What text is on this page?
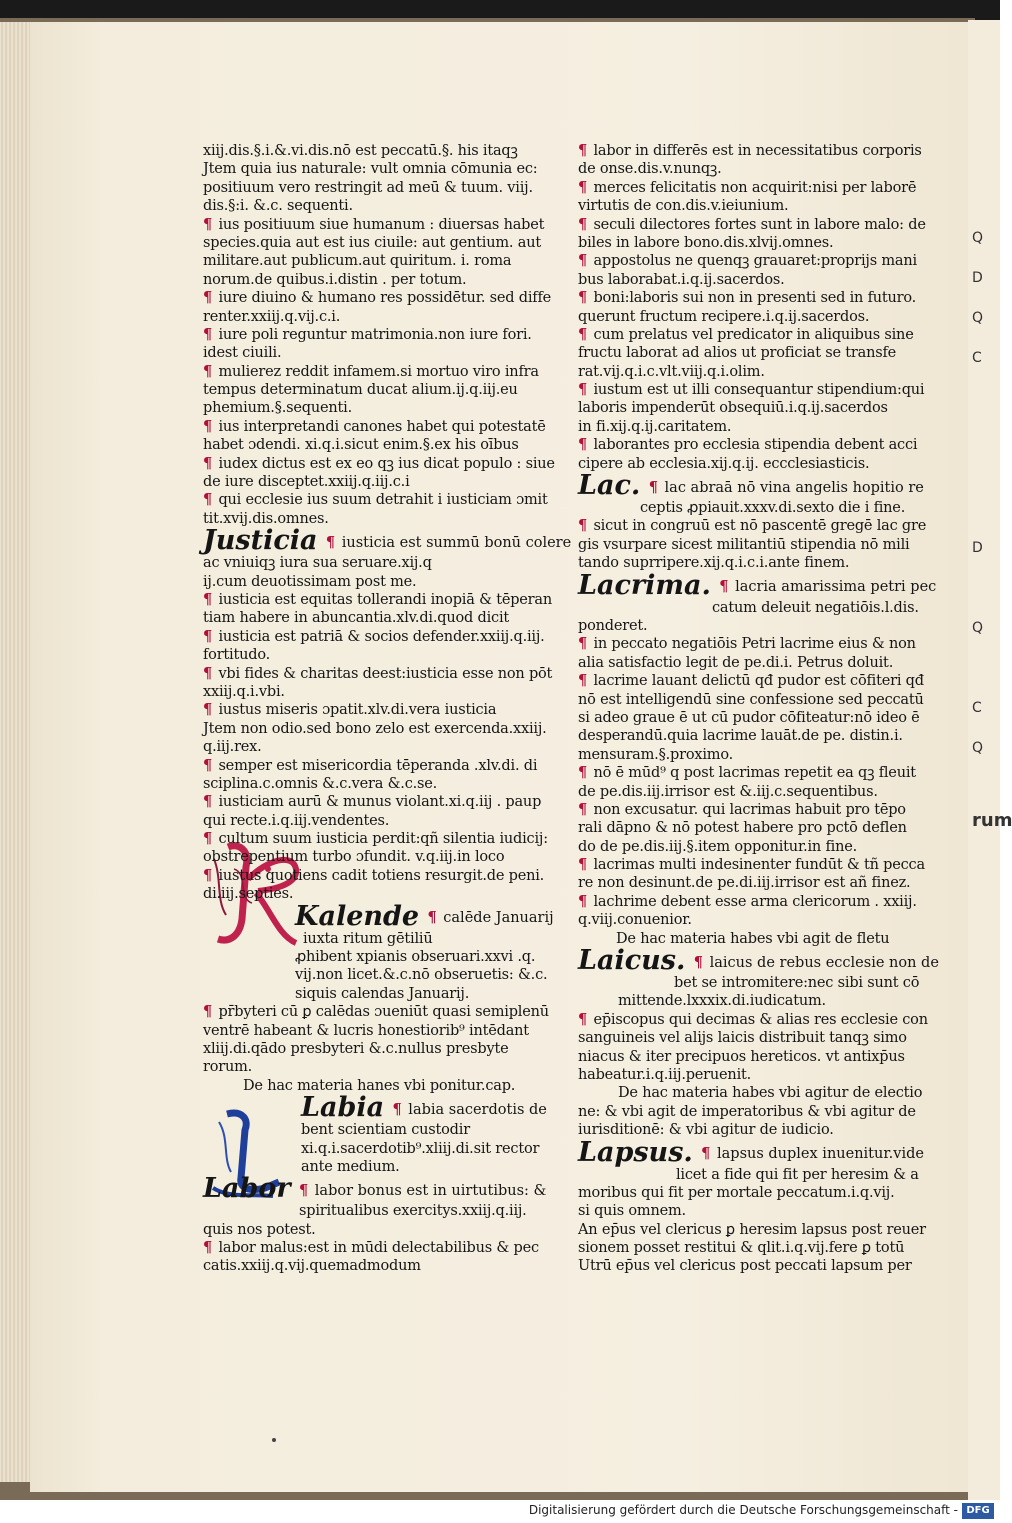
Q
D
Q
C
D
Q
C
Q
rum
xiij.dis.§.i.&.vi.dis.nō est peccatū.§. his itaqꝫ
Jtem quia ius naturale: vult omnia cōmunia ec:
positiuum vero restringit ad meū & tuum. viij.
dis.§:i. &.c. sequenti.
¶ ius positiuum siue humanum : diuersas habet
species.quia aut est ius ciuile: aut gentium. aut
militare.aut publicum.aut quiritum. i. roma
norum.de quibus.i.distin . per totum.
¶ iure diuino & humano res possidētur. sed diffe
renter.xxiij.q.vij.c.i.
¶ iure poli reguntur matrimonia.non iure fori.
idest ciuili.
¶ mulierez reddit infamem.si mortuo viro infra
tempus determinatum ducat alium.ij.q.iij.eu
phemium.§.sequenti.
¶ ius interpretandi canones habet qui potestatē
habet ɔdendi. xi.q.i.sicut enim.§.ex his oībus
¶ iudex dictus est ex eo qꝫ ius dicat populo : siue
de iure disceptet.xxiij.q.iij.c.i
¶ qui ecclesie ius suum detrahit i iusticiam ɔmit
tit.xvij.dis.omnes.
Justicia ¶ iusticia est summū bonū colere
ac vniuiqꝫ iura sua seruare.xij.q
ij.cum deuotissimam post me.
¶ iusticia est equitas tollerandi inopiā & tēperan
tiam habere in abuncantia.xlv.di.quod dicit
¶ iusticia est patriā & socios defender.xxiij.q.iij.
fortitudo.
¶ vbi fides & charitas deest:iusticia esse non pōt
xxiij.q.i.vbi.
¶ iustus miseris ɔpatit.xlv.di.vera iusticia
Jtem non odio.sed bono zelo est exercenda.xxiij.
q.iij.rex.
¶ semper est misericordia tēperanda .xlv.di. di
sciplina.c.omnis &.c.vera &.c.se.
¶ iusticiam aurū & munus violant.xi.q.iij . paup
qui recte.i.q.iij.vendentes.
¶ cultum suum iusticia perdit:qñ silentia iudicij:
obstrepentium turbo ɔfundit. v.q.iij.in loco
¶ iustus quotiens cadit totiens resurgit.de peni.
di.iij.septies.
Kalende ¶ calēde Januarij
iuxta ritum gētiliū
ꝓhibent xpianis obseruari.xxvi .q.
vij.non licet.&.c.nō obseruetis: &.c.
siquis calendas Januarij.
¶ pr̄byteri cū ꝑ calēdas ɔueniūt quasi semiplenū
ventrē habeant & lucris honestiorib⁹ intēdant
xliij.di.qādo presbyteri &.c.nullus presbyte
rorum.
De hac materia hanes vbi ponitur.cap.
Labia ¶ labia sacerdotis de
bent scientiam custodir
xi.q.i.sacerdotib⁹.xliij.di.sit rector
ante medium.
Labor ¶ labor bonus est in uirtutibus: &
spiritualibus exercitys.xxiij.q.iij.
quis nos potest.
¶ labor malus:est in mūdi delectabilibus & pec
catis.xxiij.q.vij.quemadmodum
¶ labor in differēs est in necessitatibus corporis
de onse.dis.v.nunqꝫ.
¶ merces felicitatis non acquirit:nisi per laborē
virtutis de con.dis.v.ieiunium.
¶ seculi dilectores fortes sunt in labore malo: de
biles in labore bono.dis.xlvij.omnes.
¶ appostolus ne quenqꝫ grauaret:proprijs mani
bus laborabat.i.q.ij.sacerdos.
¶ boni:laboris sui non in presenti sed in futuro.
querunt fructum recipere.i.q.ij.sacerdos.
¶ cum prelatus vel predicator in aliquibus sine
fructu laborat ad alios ut proficiat se transfe
rat.vij.q.i.c.vlt.viij.q.i.olim.
¶ iustum est ut illi consequantur stipendium:qui
laboris impenderūt obsequiū.i.q.ij.sacerdos
in fi.xij.q.ij.caritatem.
¶ laborantes pro ecclesia stipendia debent acci
cipere ab ecclesia.xij.q.ij. eccclesiasticis.
Lac. ¶ lac abraā nō vina angelis hopitio re
ceptis ꝓpiauit.xxxv.di.sexto die i fine.
¶ sicut in congruū est nō pascentē gregē lac gre
gis vsurpare sicest militantiū stipendia nō mili
tando suprripere.xij.q.i.c.i.ante finem.
Lacrima. ¶ lacria amarissima petri pec
catum deleuit negatiōis.l.dis.
ponderet.
¶ in peccato negatiōis Petri lacrime eius & non
alia satisfactio legit de pe.di.i. Petrus doluit.
¶ lacrime lauant delictū qđ pudor est cōfiteri qđ
nō est intelligendū sine confessione sed peccatū
si adeo graue ē ut cū pudor cōfiteatur:nō ideo ē
desperandū.quia lacrime lauāt.de pe. distin.i.
mensuram.§.proximo.
¶ nō ē mūd⁹ q post lacrimas repetit ea qꝫ fleuit
de pe.dis.iij.irrisor est &.iij.c.sequentibus.
¶ non excusatur. qui lacrimas habuit pro tēpo
rali dāpno & nō potest habere pro pctō deflen
do de pe.dis.iij.§.item opponitur.in fine.
¶ lacrimas multi indesinenter fundūt & tñ pecca
re non desinunt.de pe.di.iij.irrisor est añ finez.
¶ lachrime debent esse arma clericorum . xxiij.
q.viij.conuenior.
De hac materia habes vbi agit de fletu
Laicus. ¶ laicus de rebus ecclesie non de
bet se intromitere:nec sibi sunt cō
mittende.lxxxix.di.iudicatum.
¶ ep̄iscopus qui decimas & alias res ecclesie con
sanguineis vel alijs laicis distribuit tanqꝫ simo
niacus & iter precipuos hereticos. vt antixp̄us
habeatur.i.q.iij.peruenit.
De hac materia habes vbi agitur de electio
ne: & vbi agit de imperatoribus & vbi agitur de
iurisditionē: & vbi agitur de iudicio.
Lapsus. ¶ lapsus duplex inuenitur.vide
licet a fide qui fit per heresim & a
moribus qui fit per mortale peccatum.i.q.vij.
si quis omnem.
An ep̄us vel clericus ꝑ heresim lapsus post reuer
sionem posset restitui & qlit.i.q.vij.fere ꝑ totū
Utrū ep̄us vel clericus post peccati lapsum per
Digitalisierung gefördert durch die Deutsche Forschungsgemeinschaft - DFG
